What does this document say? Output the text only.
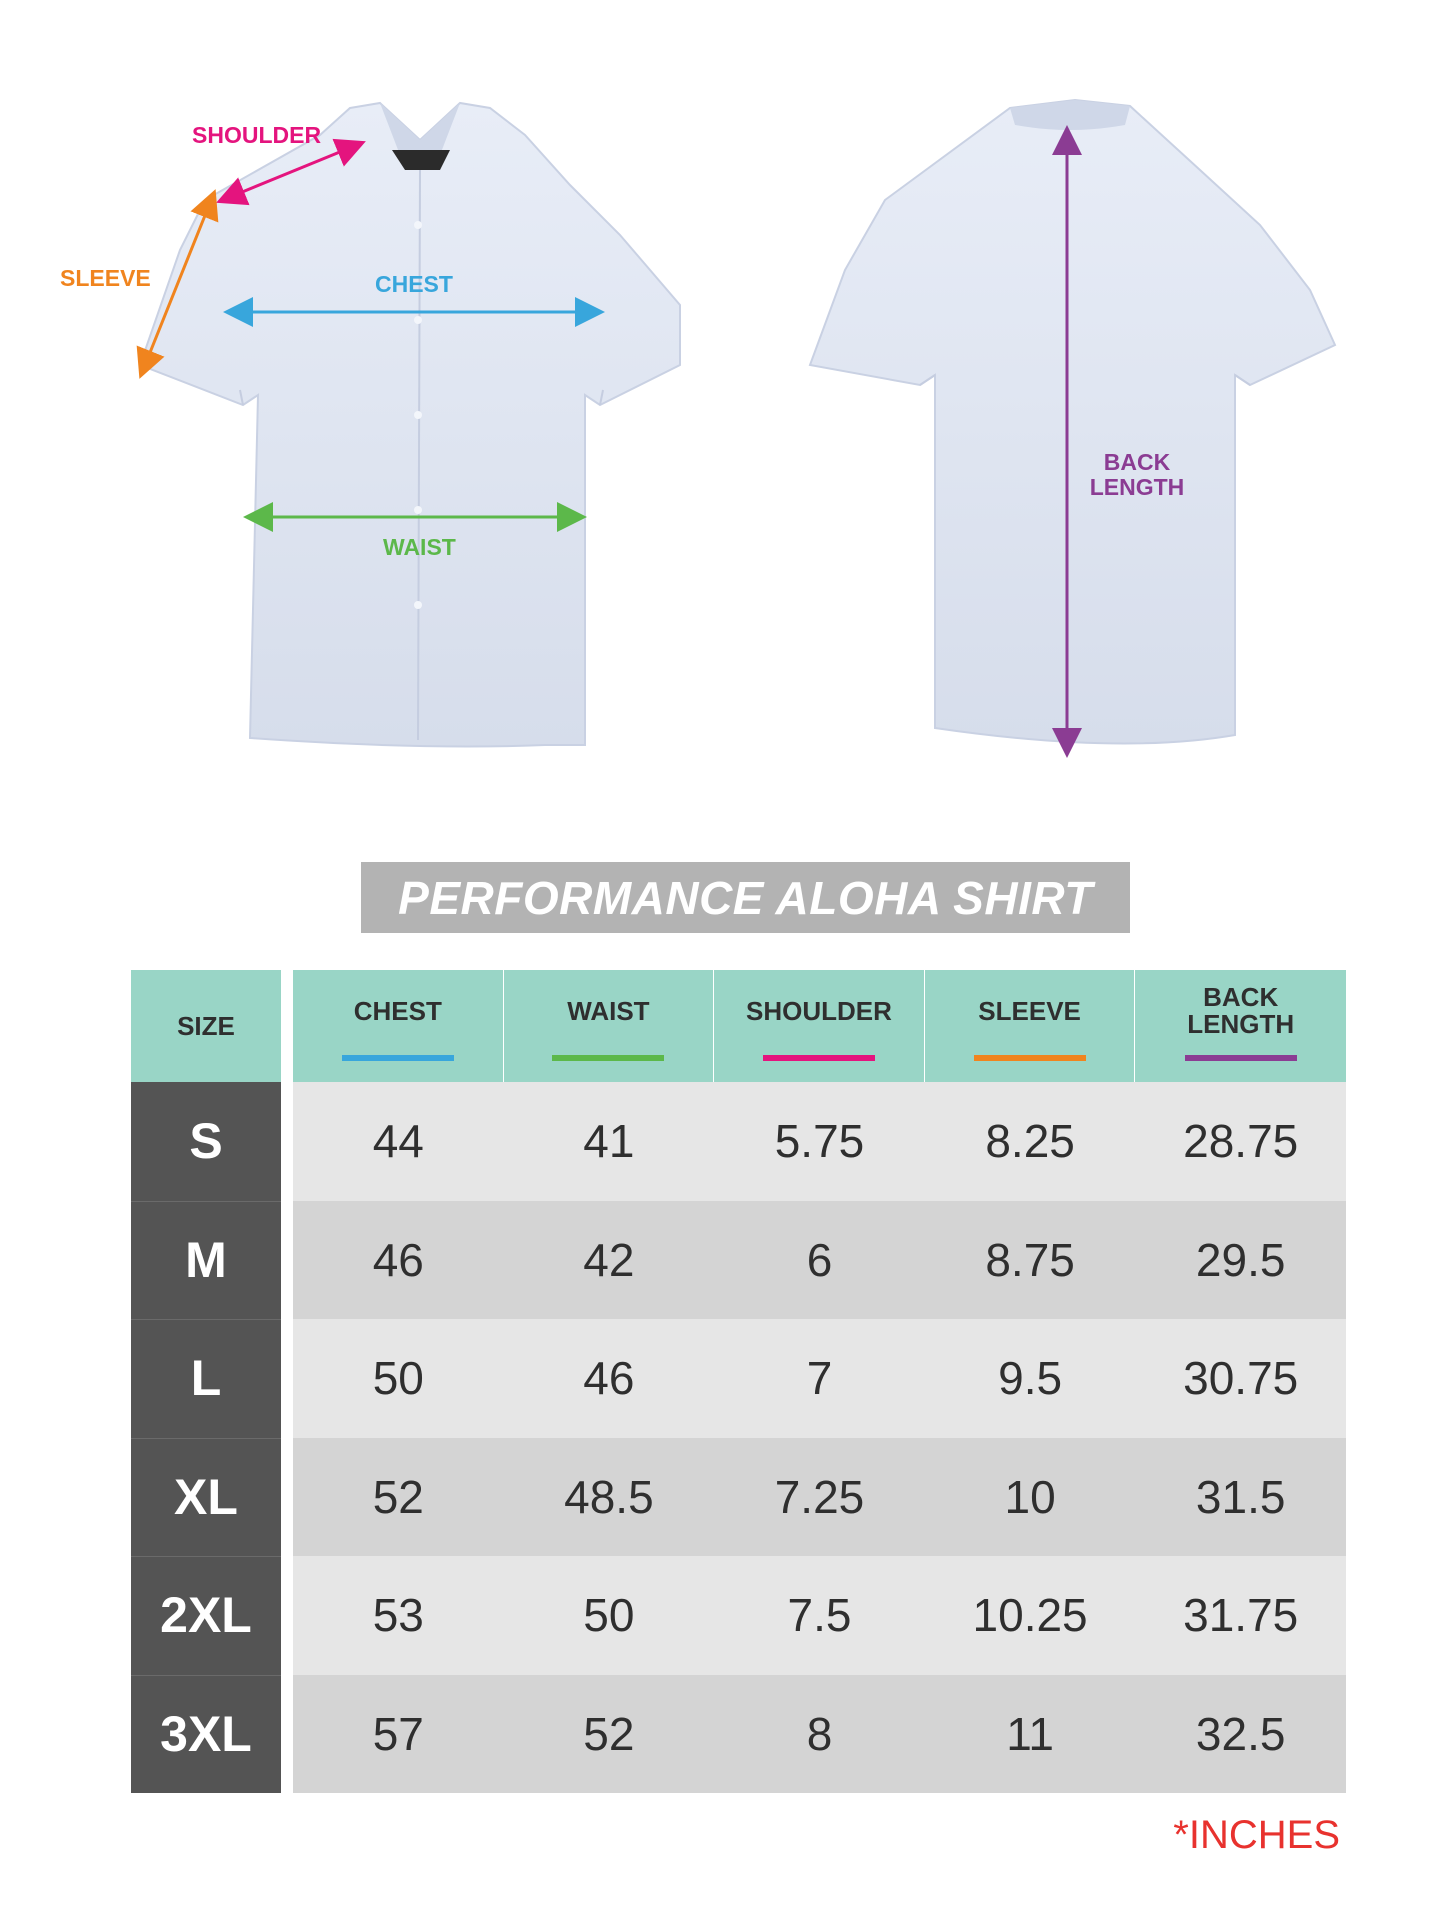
SHOULDER
SLEEVE	CHEST
WAIST
BACK
LENGTH
PERFORMANCE ALOHA SHIRT
SIZE	CHEST	WAIST	SHOULDER	SLEEVE	BACK
LENGTH
S	44	41	5.75	8.25	28.75
M	46	42	6	8.75	29.5
L	50	46	7	9.5	30.75
XL	52	48.5	7.25	10	31.5
2XL	53	50	7.5	10.25	31.75
3XL	57	52	8	11	32.5
*INCHES
